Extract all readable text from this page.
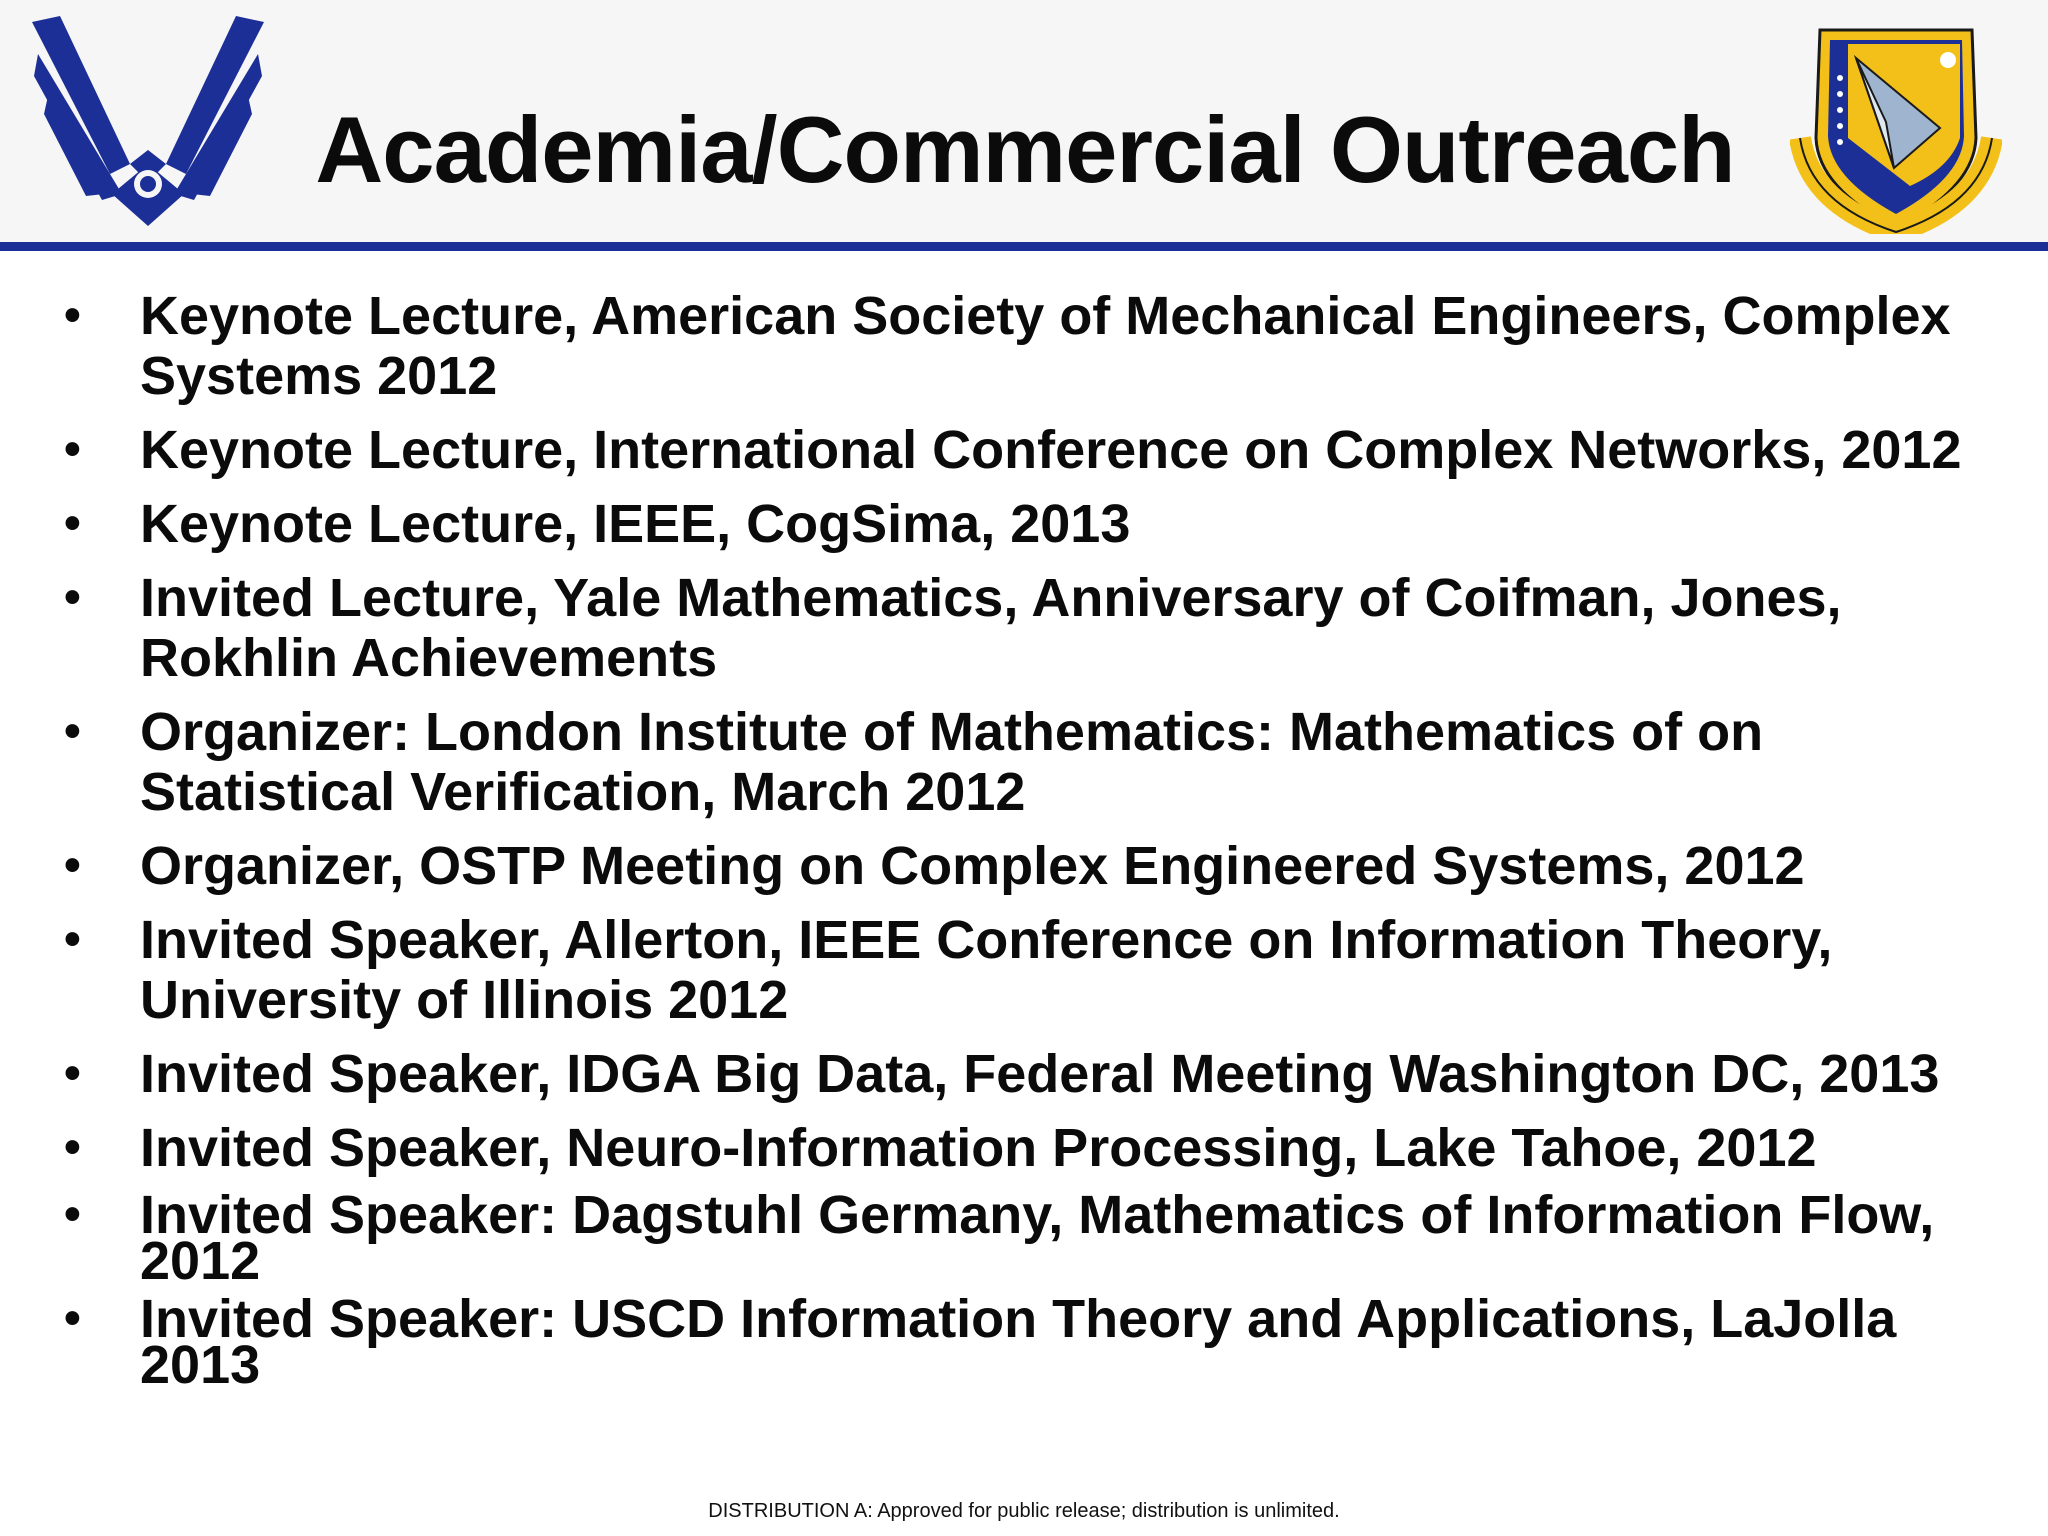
Academia/Commercial Outreach
• Keynote Lecture, American Society of Mechanical Engineers, Complex Systems 2012
• Keynote Lecture, International Conference on Complex Networks, 2012
• Keynote Lecture, IEEE, CogSima, 2013
• Invited Lecture, Yale Mathematics, Anniversary of Coifman, Jones, Rokhlin Achievements
• Organizer: London Institute of Mathematics: Mathematics of on Statistical Verification, March 2012
• Organizer, OSTP Meeting on Complex Engineered Systems, 2012
• Invited Speaker, Allerton, IEEE Conference on Information Theory, University of Illinois 2012
• Invited Speaker, IDGA Big Data, Federal Meeting Washington DC, 2013
• Invited Speaker, Neuro-Information Processing, Lake Tahoe, 2012
• Invited Speaker: Dagstuhl Germany, Mathematics of Information Flow, 2012
• Invited Speaker: USCD Information Theory and Applications, LaJolla 2013
DISTRIBUTION A: Approved for public release; distribution is unlimited.
